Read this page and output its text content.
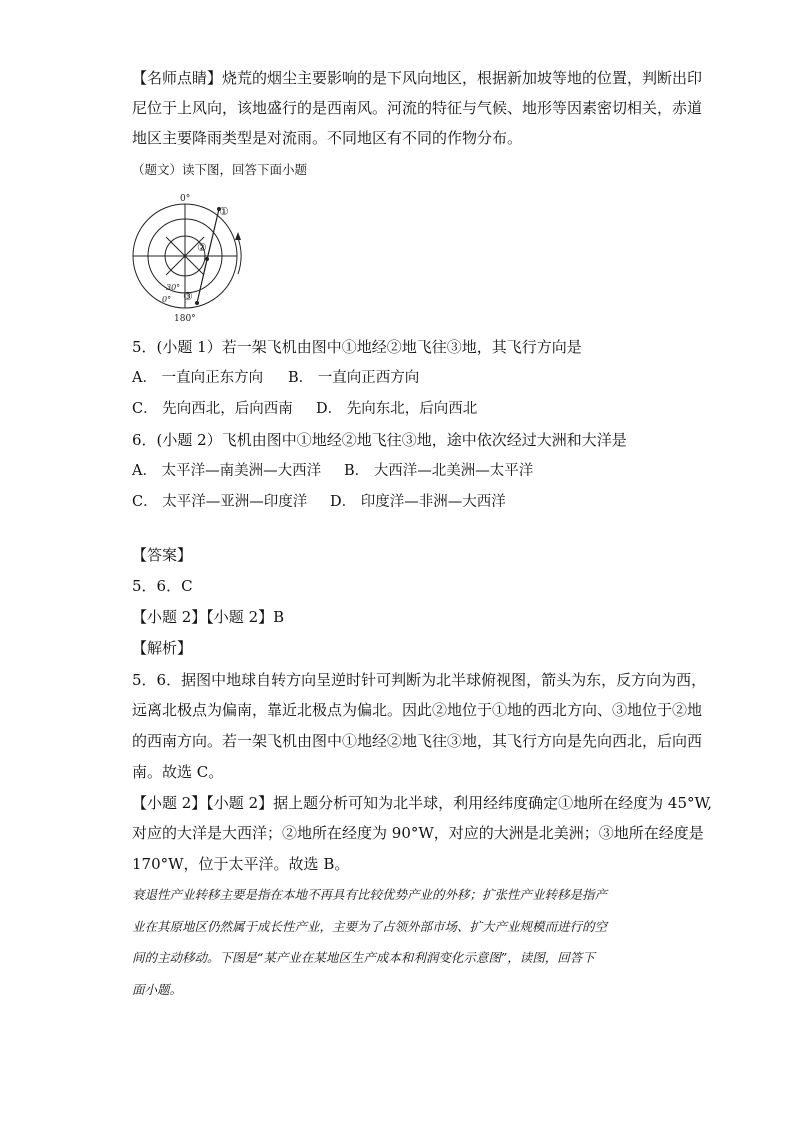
【名师点睛】烧荒的烟尘主要影响的是下风向地区，根据新加坡等地的位置，判断出印
尼位于上风向，该地盛行的是西南风。河流的特征与气候、地形等因素密切相关，赤道
地区主要降雨类型是对流雨。不同地区有不同的作物分布。
（题文）读下图，回答下面小题
0°
180°
30°
0°
①
②
③
5．(小题 1）若一架飞机由图中①地经②地飞往③地，其飞行方向是
A． 一直向正东方向 B． 一直向正西方向
C． 先向西北，后向西南 D． 先向东北，后向西北
6．(小题 2）飞机由图中①地经②地飞往③地，途中依次经过大洲和大洋是
A． 太平洋—南美洲—大西洋 B． 大西洋—北美洲—太平洋
C． 太平洋—亚洲—印度洋 D． 印度洋—非洲—大西洋
【答案】
5．6．C
【小题 2】【小题 2】B
【解析】
5．6．据图中地球自转方向呈逆时针可判断为北半球俯视图，箭头为东，反方向为西，
远离北极点为偏南，靠近北极点为偏北。因此②地位于①地的西北方向、③地位于②地
的西南方向。若一架飞机由图中①地经②地飞往③地，其飞行方向是先向西北，后向西
南。故选 C。
【小题 2】【小题 2】据上题分析可知为北半球，利用经纬度确定①地所在经度为 45°W,
对应的大洋是大西洋；②地所在经度为 90°W，对应的大洲是北美洲；③地所在经度是
170°W，位于太平洋。故选 B。
衰退性产业转移主要是指在本地不再具有比较优势产业的外移；扩张性产业转移是指产
业在其原地区仍然属于成长性产业，主要为了占领外部市场、扩大产业规模而进行的空
间的主动移动。下图是“某产业在某地区生产成本和利润变化示意图”，读图，回答下
面小题。
